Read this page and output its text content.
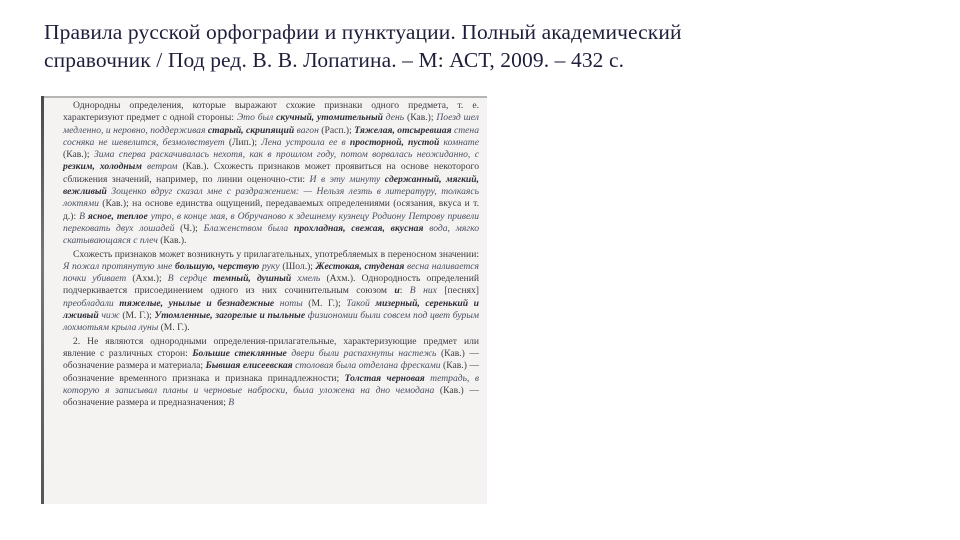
Правила русской орфографии и пунктуации. Полный академический
справочник / Под ред. В. В. Лопатина. – М: АСТ, 2009. – 432 с.

Однородны определения, которые выражают схожие признаки одного предмета, т. е. характеризуют предмет с одной стороны: Это был скучный, утомительный день (Кав.); Поезд шел медленно, и неровно, поддерживая старый, скрипящий вагон (Расп.); Тяжелая, отсыревшая стена сосняка не шевелится, безмолвствует (Лип.); Лена устроила ее в просторной, пустой комнате (Кав.); Зима сперва раскачивалась нехотя, как в прошлом году, потом ворвалась неожиданно, с резким, холодным ветром (Кав.). Схожесть признаков может проявиться на основе некоторого сближения значений, например, по линии оценочно-сти: И в эту минуту сдержанный, мягкий, вежливый Зощенко вдруг сказал мне с раздражением: — Нельзя лезть в литературу, толкаясь локтями (Кав.); на основе единства ощущений, передаваемых определениями (осязания, вкуса и т. д.): В ясное, теплое утро, в конце мая, в Обручаново к здешнему кузнецу Родиону Петрову привели перековать двух лошадей (Ч.); Блаженством была прохладная, свежая, вкусная вода, мягко скатывающаяся с плеч (Кав.).

Схожесть признаков может возникнуть у прилагательных, употребляемых в переносном значении: Я пожал протянутую мне большую, черствую руку (Шол.); Жестокая, студеная весна наливается почки убивает (Ахм.); В сердце темный, душный хмель (Ахм.). Однородность определений подчеркивается присоединением одного из них сочинительным союзом и: В них [песнях] преобладали тяжелые, унылые и безнадежные ноты (М. Г.); Такой мизерный, серенький и лживый чиж (М. Г.); Утомленные, загорелые и пыльные физиономии были совсем под цвет бурым лохмотьям крыла луны (М. Г.).

2. Не являются однородными определения-прилагательные, характеризующие предмет или явление с различных сторон: Большие стеклянные двери были распахнуты настежь (Кав.) — обозначение размера и материала; Бывшая елисеевская столовая была отделана фресками (Кав.) — обозначение временного признака и признака принадлежности; Толстая черновая тетрадь, в которую я записывал планы и черновые наброски, была уложена на дно чемодана (Кав.) — обозначение размера и предназначения; В
